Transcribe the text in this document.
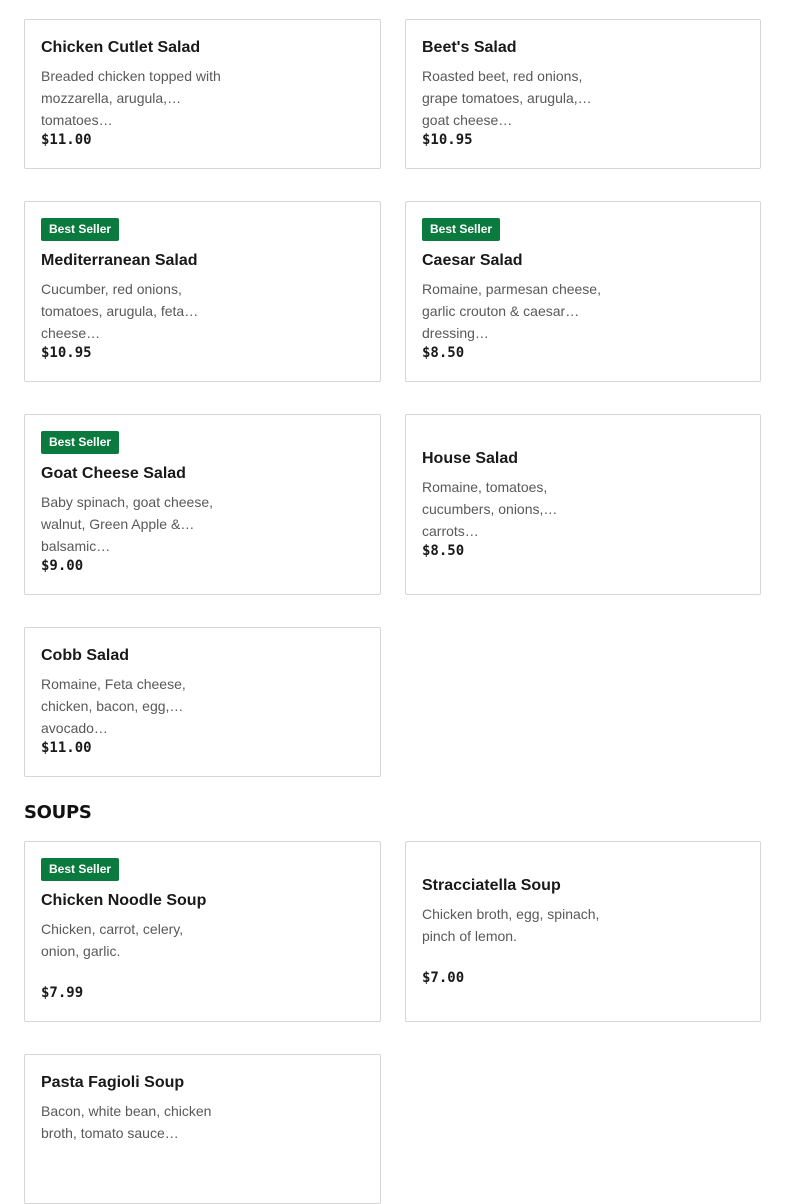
Chicken Cutlet Salad
Breaded chicken topped with mozzarella, arugula, tomatoes…
$11.00
Beet's Salad
Roasted beet, red onions, grape tomatoes, arugula, goat cheese…
$10.95
Best Seller
Mediterranean Salad
Cucumber, red onions, tomatoes, arugula, feta cheese…
$10.95
Best Seller
Caesar Salad
Romaine, parmesan cheese, garlic crouton & caesar dressing…
$8.50
Best Seller
Goat Cheese Salad
Baby spinach, goat cheese, walnut, Green Apple & balsamic…
$9.00
House Salad
Romaine, tomatoes, cucumbers, onions, carrots…
$8.50
Cobb Salad
Romaine, Feta cheese, chicken, bacon, egg, avocado…
$11.00
SOUPS
Best Seller
Chicken Noodle Soup
Chicken, carrot, celery, onion, garlic.
$7.99
Stracciatella Soup
Chicken broth, egg, spinach, pinch of lemon.
$7.00
Pasta Fagioli Soup
Bacon, white bean, chicken broth, tomato sauce…
